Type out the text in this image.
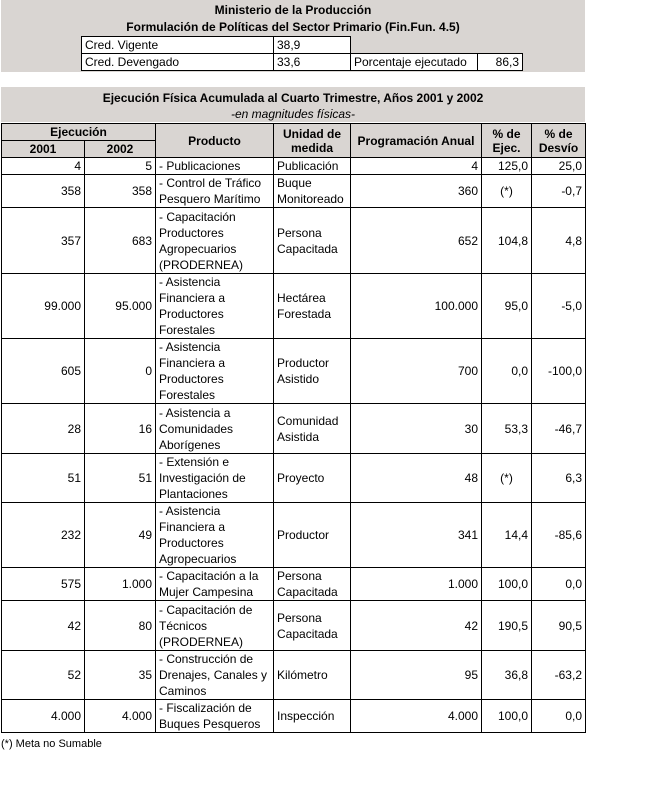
Ministerio de la Producción
Formulación de Políticas del Sector Primario (Fin.Fun. 4.5)
Cred. Vigente	38,9		
Cred. Devengado	33,6	Porcentaje ejecutado	86,3
Ejecución Física Acumulada al Cuarto Trimestre, Años 2001 y 2002
-en magnitudes físicas-
Ejecución		Producto	Unidad de medida	Programación Anual	% de Ejec.	% de Desvío
2001	2002					
4	5	- Publicaciones	Publicación	4	125,0	25,0
358	358	- Control de Tráfico Pesquero Marítimo	Buque Monitoreado	360	(*)	-0,7
357	683	- Capacitación Productores Agropecuarios (PRODERNEA)	Persona Capacitada	652	104,8	4,8
99.000	95.000	- Asistencia Financiera a Productores Forestales	Hectárea Forestada	100.000	95,0	-5,0
605	0	- Asistencia Financiera a Productores Forestales	Productor Asistido	700	0,0	-100,0
28	16	- Asistencia a Comunidades Aborígenes	Comunidad Asistida	30	53,3	-46,7
51	51	- Extensión e Investigación de Plantaciones	Proyecto	48	(*)	6,3
232	49	- Asistencia Financiera a Productores Agropecuarios	Productor	341	14,4	-85,6
575	1.000	- Capacitación a la Mujer Campesina	Persona Capacitada	1.000	100,0	0,0
42	80	- Capacitación de Técnicos (PRODERNEA)	Persona Capacitada	42	190,5	90,5
52	35	- Construcción de Drenajes, Canales y Caminos	Kilómetro	95	36,8	-63,2
4.000	4.000	- Fiscalización de Buques Pesqueros	Inspección	4.000	100,0	0,0
(*) Meta no Sumable
